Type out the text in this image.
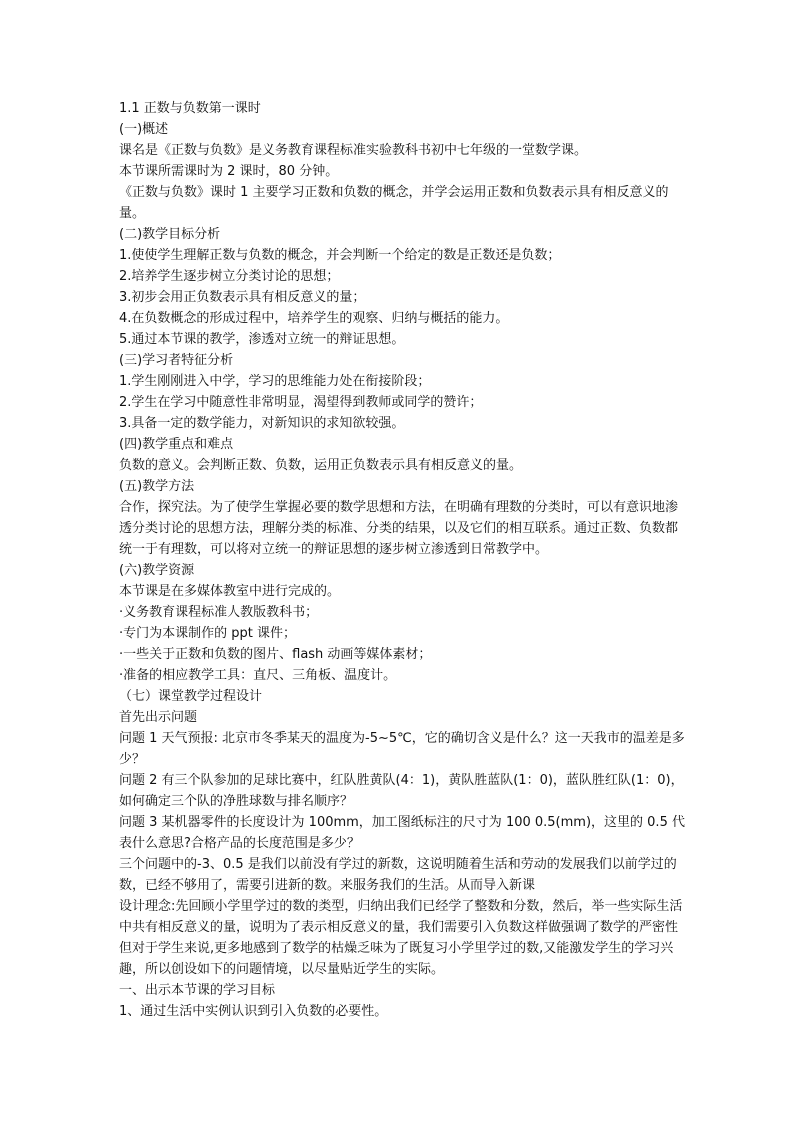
1.1 正数与负数第一课时

(一)概述

课名是《正数与负数》是义务教育课程标准实验教科书初中七年级的一堂数学课。

本节课所需课时为 2 课时，80 分钟。

《正数与负数》课时 1 主要学习正数和负数的概念，并学会运用正数和负数表示具有相反意义的量。

(二)教学目标分析

1.使使学生理解正数与负数的概念，并会判断一个给定的数是正数还是负数；

2.培养学生逐步树立分类讨论的思想；

3.初步会用正负数表示具有相反意义的量；

4.在负数概念的形成过程中，培养学生的观察、归纳与概括的能力。

5.通过本节课的教学，渗透对立统一的辩证思想。

(三)学习者特征分析

1.学生刚刚进入中学，学习的思维能力处在衔接阶段；

2.学生在学习中随意性非常明显，渴望得到教师或同学的赞许；

3.具备一定的数学能力，对新知识的求知欲较强。

(四)教学重点和难点

负数的意义。会判断正数、负数，运用正负数表示具有相反意义的量。

(五)教学方法

合作，探究法。为了使学生掌握必要的数学思想和方法，在明确有理数的分类时，可以有意识地渗透分类讨论的思想方法，理解分类的标准、分类的结果，以及它们的相互联系。通过正数、负数都统一于有理数，可以将对立统一的辩证思想的逐步树立渗透到日常教学中。

(六)教学资源

本节课是在多媒体教室中进行完成的。

·义务教育课程标准人教版教科书；

·专门为本课制作的 ppt 课件；

·一些关于正数和负数的图片、flash 动画等媒体素材；

·准备的相应教学工具：直尺、三角板、温度计。

（七）课堂教学过程设计

首先出示问题

问题 1 天气预报: 北京市冬季某天的温度为-5~5℃，它的确切含义是什么？这一天我市的温差是多少？

问题 2 有三个队参加的足球比赛中，红队胜黄队(4：1)，黄队胜蓝队(1：0)，蓝队胜红队(1：0)，如何确定三个队的净胜球数与排名顺序？

问题 3 某机器零件的长度设计为 100mm，加工图纸标注的尺寸为 100 0.5(mm)，这里的 0.5 代表什么意思?合格产品的长度范围是多少？

三个问题中的-3、0.5 是我们以前没有学过的新数，这说明随着生活和劳动的发展我们以前学过的数，已经不够用了，需要引进新的数。来服务我们的生活。从而导入新课

设计理念:先回顾小学里学过的数的类型，归纳出我们已经学了整数和分数，然后，举一些实际生活中共有相反意义的量，说明为了表示相反意义的量，我们需要引入负数这样做强调了数学的严密性但对于学生来说,更多地感到了数学的枯燥乏味为了既复习小学里学过的数,又能激发学生的学习兴趣，所以创设如下的问题情境，以尽量贴近学生的实际。

一、出示本节课的学习目标

1、通过生活中实例认识到引入负数的必要性。
